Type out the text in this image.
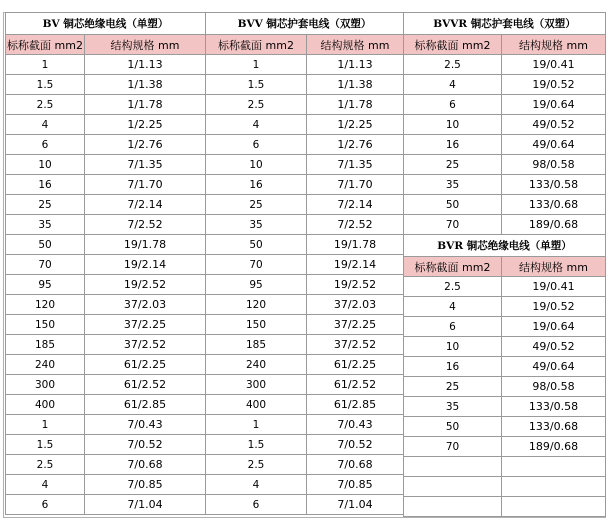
BV 铜芯绝缘电线（单塑）	
标称截面 mm2	结构规格 mm
1	1/1.13
1.5	1/1.38
2.5	1/1.78
4	1/2.25
6	1/2.76
10	7/1.35
16	7/1.70
25	7/2.14
35	7/2.52
50	19/1.78
70	19/2.14
95	19/2.52
120	37/2.03
150	37/2.25
185	37/2.52
240	61/2.25
300	61/2.52
400	61/2.85
1	7/0.43
1.5	7/0.52
2.5	7/0.68
4	7/0.85
6	7/1.04
BVV 铜芯护套电线（双塑）	
标称截面 mm2	结构规格 mm
1	1/1.13
1.5	1/1.38
2.5	1/1.78
4	1/2.25
6	1/2.76
10	7/1.35
16	7/1.70
25	7/2.14
35	7/2.52
50	19/1.78
70	19/2.14
95	19/2.52
120	37/2.03
150	37/2.25
185	37/2.52
240	61/2.25
300	61/2.52
400	61/2.85
1	7/0.43
1.5	7/0.52
2.5	7/0.68
4	7/0.85
6	7/1.04
BVVR 铜芯护套电线（双塑）	
标称截面 mm2	结构规格 mm
2.5	19/0.41
4	19/0.52
6	19/0.64
10	49/0.52
16	49/0.64
25	98/0.58
35	133/0.58
50	133/0.68
70	189/0.68
BVR 铜芯绝缘电线（单塑）	
标称截面 mm2	结构规格 mm
2.5	19/0.41
4	19/0.52
6	19/0.64
10	49/0.52
16	49/0.64
25	98/0.58
35	133/0.58
50	133/0.68
70	189/0.68
